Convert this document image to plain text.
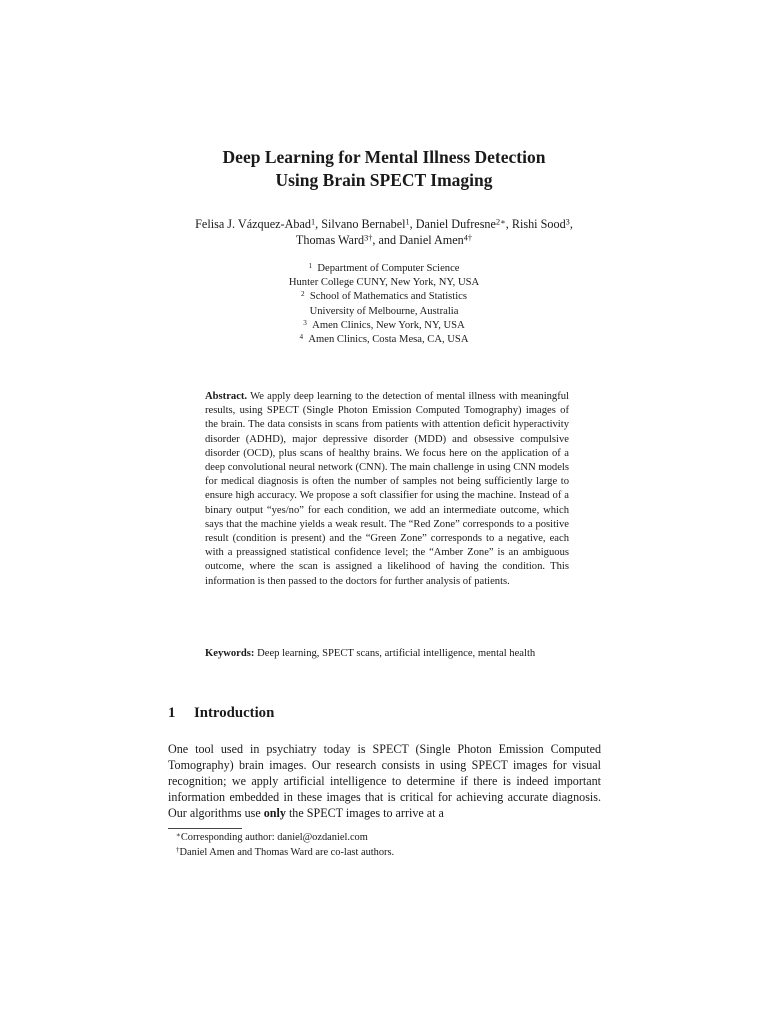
Deep Learning for Mental Illness Detection
Using Brain SPECT Imaging
Felisa J. Vázquez-Abad$^1$, Silvano Bernabel$^1$, Daniel Dufresne$^{2∗}$, Rishi Sood$^3$,
Thomas Ward$^{3\dagger}$, and Daniel Amen$^{4\dagger}$
$^1$ Department of Computer Science
Hunter College CUNY, New York, NY, USA
$^2$ School of Mathematics and Statistics
University of Melbourne, Australia
$^3$ Amen Clinics, New York, NY, USA
$^4$ Amen Clinics, Costa Mesa, CA, USA
Abstract. We apply deep learning to the detection of mental illness with meaningful results, using SPECT (Single Photon Emission Computed Tomography) images of the brain. The data consists in scans from patients with attention deficit hyperactivity disorder (ADHD), major depressive disorder (MDD) and obsessive compulsive disorder (OCD), plus scans of healthy brains. We focus here on the application of a deep convolutional neural network (CNN). The main challenge in using CNN models for medical diagnosis is often the number of samples not being sufficiently large to ensure high accuracy. We propose a soft classifier for using the machine. Instead of a binary output “yes/no” for each condition, we add an intermediate outcome, which says that the machine yields a weak result. The “Red Zone” corresponds to a positive result (condition is present) and the “Green Zone” corresponds to a negative, each with a preassigned statistical confidence level; the “Amber Zone” is an ambiguous outcome, where the scan is assigned a likelihood of having the condition. This information is then passed to the doctors for further analysis of patients.
Keywords: Deep learning, SPECT scans, artificial intelligence, mental health
1 Introduction
One tool used in psychiatry today is SPECT (Single Photon Emission Computed Tomography) brain images. Our research consists in using SPECT images for visual recognition; we apply artificial intelligence to determine if there is indeed important information embedded in these images that is critical for achieving accurate diagnosis. Our algorithms use only the SPECT images to arrive at a
∗Corresponding author: daniel@ozdaniel.com
†Daniel Amen and Thomas Ward are co-last authors.
